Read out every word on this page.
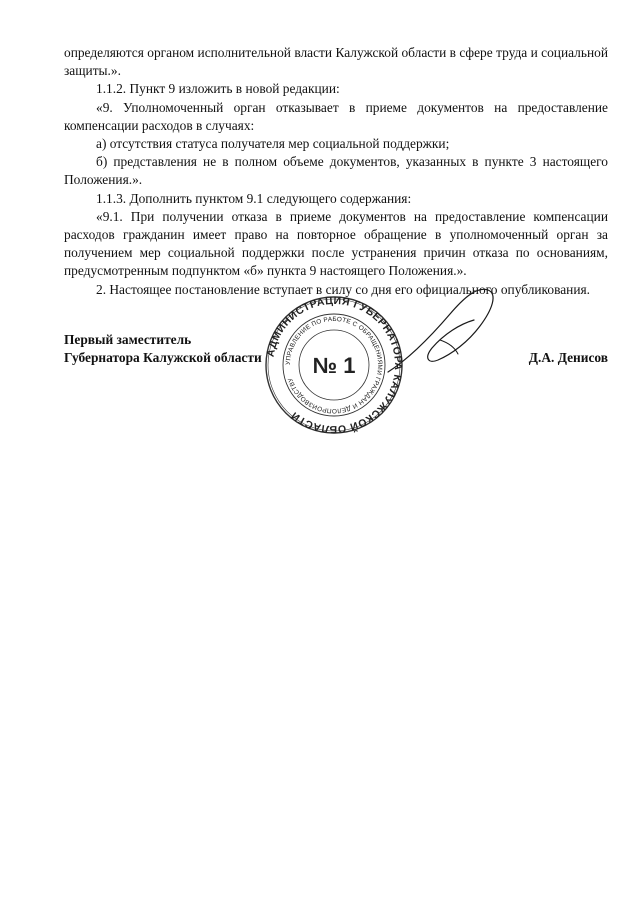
определяются органом исполнительной власти Калужской области в сфере труда и социальной защиты.».

1.1.2. Пункт 9 изложить в новой редакции:

«9. Уполномоченный орган отказывает в приеме документов на предоставление компенсации расходов в случаях:

а) отсутствия статуса получателя мер социальной поддержки;

б) представления не в полном объеме документов, указанных в пункте 3 настоящего Положения.».

1.1.3. Дополнить пунктом 9.1 следующего содержания:

«9.1. При получении отказа в приеме документов на предоставление компенсации расходов гражданин имеет право на повторное обращение в уполномоченный орган за получением мер социальной поддержки после устранения причин отказа по основаниям, предусмотренным подпунктом «б» пункта 9 настоящего Положения.».

2. Настоящее постановление вступает в силу со дня его официального опубликования.

АДМИНИСТРАЦИЯ ГУБЕРНАТОРА КАЛУЖСКОЙ ОБЛАСТИ
УПРАВЛЕНИЕ ПО РАБОТЕ С ОБРАЩЕНИЯМИ ГРАЖДАН И ДЕЛОПРОИЗВОДСТВУ
№ 1
Первый заместитель
Губернатора Калужской области	Д.А. Денисов
